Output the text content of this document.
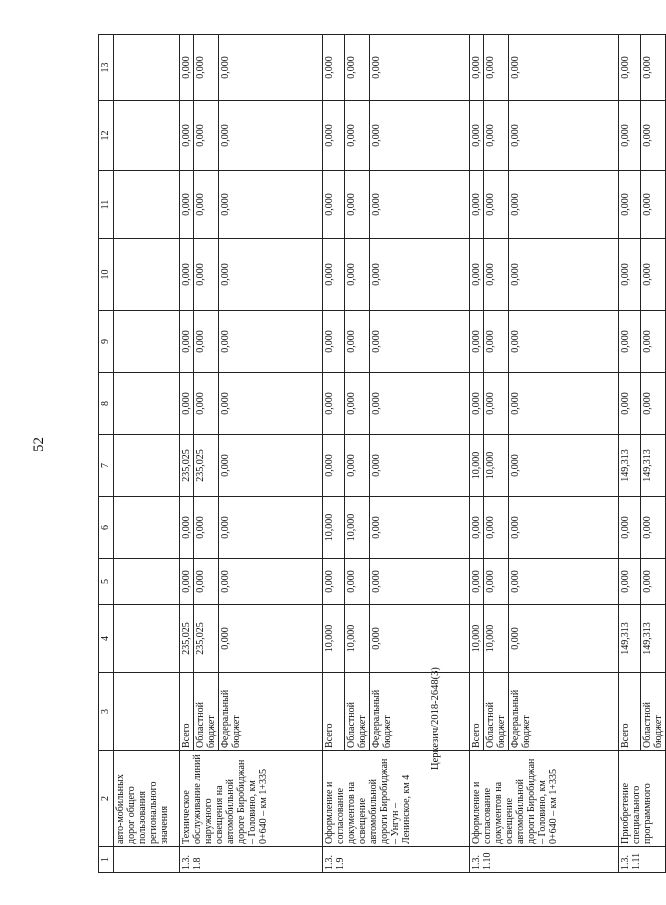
52
Церкезич/2018-2648(3)
1	2	3	4	5	6	7	8	9	10	11	12	13
	авто-мобильных дорог общего пользования регионального значения											
1.3.
1.8	Техническое обслуживание линий наружного освещения на автомобильной дороге Биробиджан – Головино, км 0+640 – км 1+335	Всего	235,025	0,000	0,000	235,025	0,000	0,000	0,000	0,000	0,000	0,000
		Областной бюджет	235,025	0,000	0,000	235,025	0,000	0,000	0,000	0,000	0,000	0,000
		Федеральный бюджет	0,000	0,000	0,000	0,000	0,000	0,000	0,000	0,000	0,000	0,000
1.3.
1.9	Оформление и согласование документов на освещение автомобильной дороги Биробиджан – Унгун – Ленинское, км 4	Всего	10,000	0,000	10,000	0,000	0,000	0,000	0,000	0,000	0,000	0,000
		Областной бюджет	10,000	0,000	10,000	0,000	0,000	0,000	0,000	0,000	0,000	0,000
		Федеральный бюджет	0,000	0,000	0,000	0,000	0,000	0,000	0,000	0,000	0,000	0,000
1.3.
1.10	Оформление и согласование документов на освещение автомобильной дороги Биробиджан – Головино, км 0+640 – км 1+335	Всего	10,000	0,000	0,000	10,000	0,000	0,000	0,000	0,000	0,000	0,000
		Областной бюджет	10,000	0,000	0,000	10,000	0,000	0,000	0,000	0,000	0,000	0,000
		Федеральный бюджет	0,000	0,000	0,000	0,000	0,000	0,000	0,000	0,000	0,000	0,000
1.3.
1.11	Приобретение специального программного	Всего	149,313	0,000	0,000	149,313	0,000	0,000	0,000	0,000	0,000	0,000
		Областной бюджет	149,313	0,000	0,000	149,313	0,000	0,000	0,000	0,000	0,000	0,000
